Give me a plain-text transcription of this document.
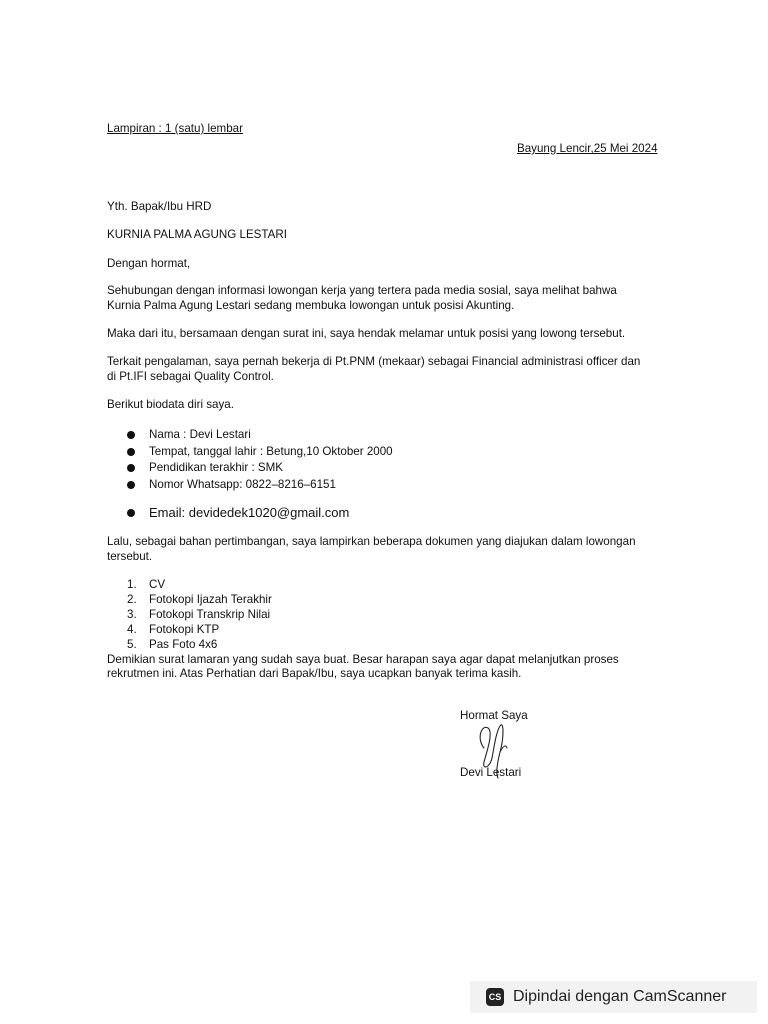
Lampiran : 1 (satu) lembar
Bayung Lencir,25 Mei 2024
Yth. Bapak/Ibu HRD
KURNIA PALMA AGUNG LESTARI
Dengan hormat,
Sehubungan dengan informasi lowongan kerja yang tertera pada media sosial, saya melihat bahwa
Kurnia Palma Agung Lestari sedang membuka lowongan untuk posisi Akunting.
Maka dari itu, bersamaan dengan surat ini, saya hendak melamar untuk posisi yang lowong tersebut.
Terkait pengalaman, saya pernah bekerja di Pt.PNM (mekaar) sebagai Financial administrasi officer dan
di Pt.IFI sebagai Quality Control.
Berikut biodata diri saya.
Nama : Devi Lestari
Tempat, tanggal lahir : Betung,10 Oktober 2000
Pendidikan terakhir : SMK
Nomor Whatsapp: 0822–8216–6151
Email: devidedek1020@gmail.com
Lalu, sebagai bahan pertimbangan, saya lampirkan beberapa dokumen yang diajukan dalam lowongan
tersebut.
1. CV
2. Fotokopi Ijazah Terakhir
3. Fotokopi Transkrip Nilai
4. Fotokopi KTP
5. Pas Foto 4x6
Demikian surat lamaran yang sudah saya buat. Besar harapan saya agar dapat melanjutkan proses
rekrutmen ini. Atas Perhatian dari Bapak/Ibu, saya ucapkan banyak terima kasih.
Hormat Saya
Devi Lestari
CS Dipindai dengan CamScanner
